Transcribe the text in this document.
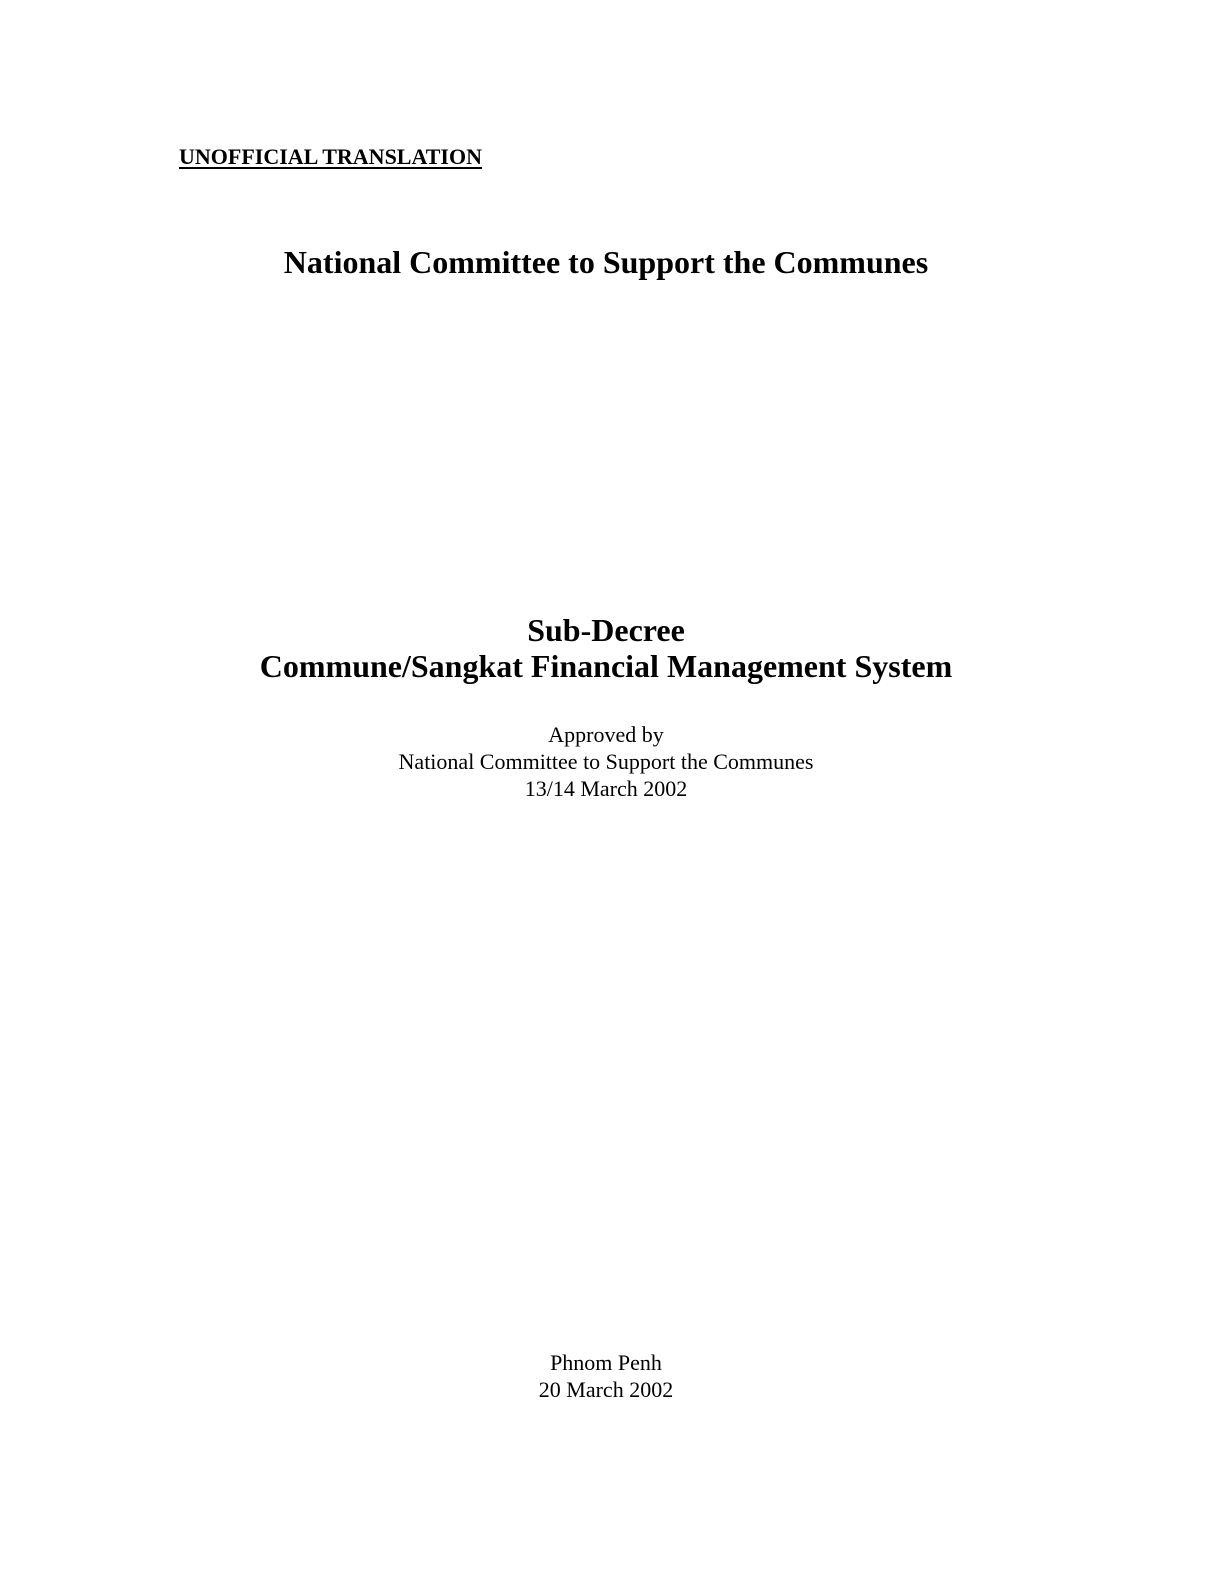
UNOFFICIAL TRANSLATION
National Committee to Support the Communes
Sub-Decree
Commune/Sangkat Financial Management System
Approved by
National Committee to Support the Communes
13/14 March 2002
Phnom Penh
20 March 2002
